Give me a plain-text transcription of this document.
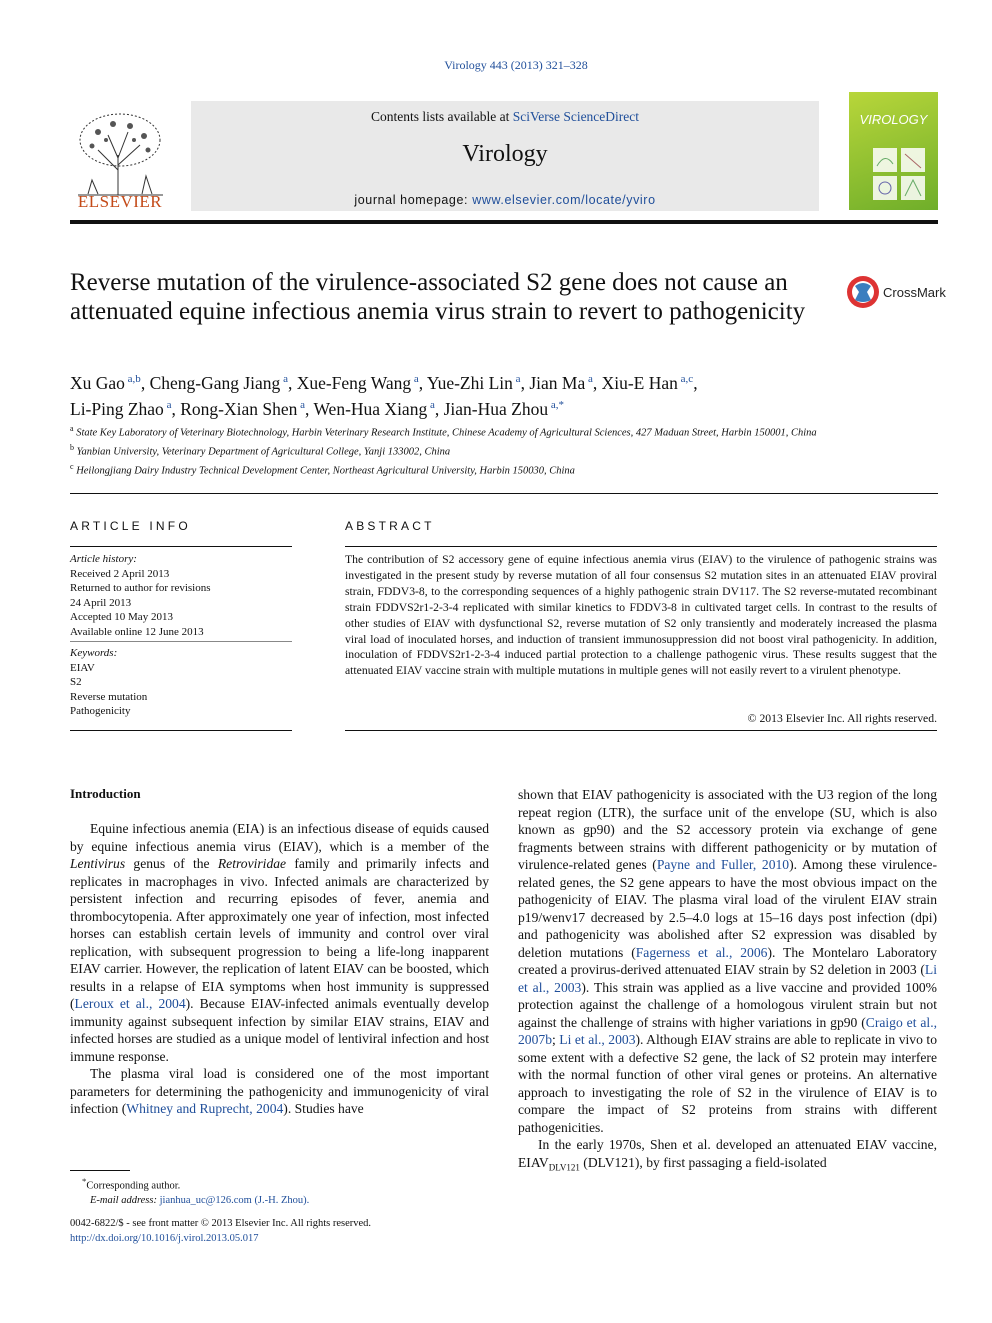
Virology 443 (2013) 321–328
ELSEVIER
Contents lists available at SciVerse ScienceDirect
Virology
journal homepage: www.elsevier.com/locate/yviro
VIROLOGY
Reverse mutation of the virulence-associated S2 gene does not cause an attenuated equine infectious anemia virus strain to revert to pathogenicity
CrossMark
Xu Gao $^{a,b}$, Cheng-Gang Jiang $^a$, Xue-Feng Wang $^a$, Yue-Zhi Lin $^a$, Jian Ma $^a$, Xiu-E Han $^{a,c}$,
Li-Ping Zhao $^a$, Rong-Xian Shen $^a$, Wen-Hua Xiang $^a$, Jian-Hua Zhou $^{a,*}$
$^a$ State Key Laboratory of Veterinary Biotechnology, Harbin Veterinary Research Institute, Chinese Academy of Agricultural Sciences, 427 Maduan Street, Harbin 150001, China
$^b$ Yanbian University, Veterinary Department of Agricultural College, Yanji 133002, China
$^c$ Heilongjiang Dairy Industry Technical Development Center, Northeast Agricultural University, Harbin 150030, China
ARTICLE INFO
Article history:
Received 2 April 2013
Returned to author for revisions
24 April 2013
Accepted 10 May 2013
Available online 12 June 2013
Keywords:
EIAV
S2
Reverse mutation
Pathogenicity
ABSTRACT
The contribution of S2 accessory gene of equine infectious anemia virus (EIAV) to the virulence of pathogenic strains was investigated in the present study by reverse mutation of all four consensus S2 mutation sites in an attenuated EIAV proviral strain, FDDV3-8, to the corresponding sequences of a highly pathogenic strain DV117. The S2 reverse-mutated recombinant strain FDDVS2r1-2-3-4 replicated with similar kinetics to FDDV3-8 in cultivated target cells. In contrast to the results of other studies of EIAV with dysfunctional S2, reverse mutation of S2 only transiently and moderately increased the plasma viral load of inoculated horses, and induction of transient immunosuppression did not boost viral pathogenicity. In addition, inoculation of FDDVS2r1-2-3-4 induced partial protection to a challenge pathogenic virus. These results suggest that the attenuated EIAV vaccine strain with multiple mutations in multiple genes will not easily revert to a virulent phenotype.
© 2013 Elsevier Inc. All rights reserved.
Introduction

Equine infectious anemia (EIA) is an infectious disease of equids caused by equine infectious anemia virus (EIAV), which is a member of the Lentivirus genus of the Retroviridae family and primarily infects and replicates in macrophages in vivo. Infected animals are characterized by persistent infection and recurring episodes of fever, anemia and thrombocytopenia. After approximately one year of infection, most infected horses can establish certain levels of immunity and control over viral replication, with subsequent progression to being a life-long inapparent EIAV carrier. However, the replication of latent EIAV can be boosted, which results in a relapse of EIA symptoms when host immunity is suppressed (Leroux et al., 2004). Because EIAV-infected animals eventually develop immunity against subsequent infection by similar EIAV strains, EIAV and infected horses are studied as a unique model of lentiviral infection and host immune response.

The plasma viral load is considered one of the most important parameters for determining the pathogenicity and immunogenicity of viral infection (Whitney and Ruprecht, 2004). Studies have

shown that EIAV pathogenicity is associated with the U3 region of the long repeat region (LTR), the surface unit of the envelope (SU, which is also known as gp90) and the S2 accessory protein via exchange of gene fragments between strains with different pathogenicity or by mutation of virulence-related genes (Payne and Fuller, 2010). Among these virulence-related genes, the S2 gene appears to have the most obvious impact on the pathogenicity of EIAV. The plasma viral load of the virulent EIAV strain p19/wenv17 decreased by 2.5–4.0 logs at 15–16 days post infection (dpi) and pathogenicity was abolished after S2 expression was disabled by deletion mutations (Fagerness et al., 2006). The Montelaro Laboratory created a provirus-derived attenuated EIAV strain by S2 deletion in 2003 (Li et al., 2003). This strain was applied as a live vaccine and provided 100% protection against the challenge of a homologous virulent strain but not against the challenge of strains with higher variations in gp90 (Craigo et al., 2007b; Li et al., 2003). Although EIAV strains are able to replicate in vivo to some extent with a defective S2 gene, the lack of S2 protein may interfere with the normal function of other viral genes or proteins. An alternative approach to investigating the role of S2 in the virulence of EIAV is to compare the impact of S2 proteins from strains with different pathogenicities.

In the early 1970s, Shen et al. developed an attenuated EIAV vaccine, $EIAV_{DLV121}$ (DLV121), by first passaging a field-isolated

*Corresponding author.
E-mail address: jianhua_uc@126.com (J.-H. Zhou).
0042-6822/$ - see front matter © 2013 Elsevier Inc. All rights reserved.
http://dx.doi.org/10.1016/j.virol.2013.05.017
